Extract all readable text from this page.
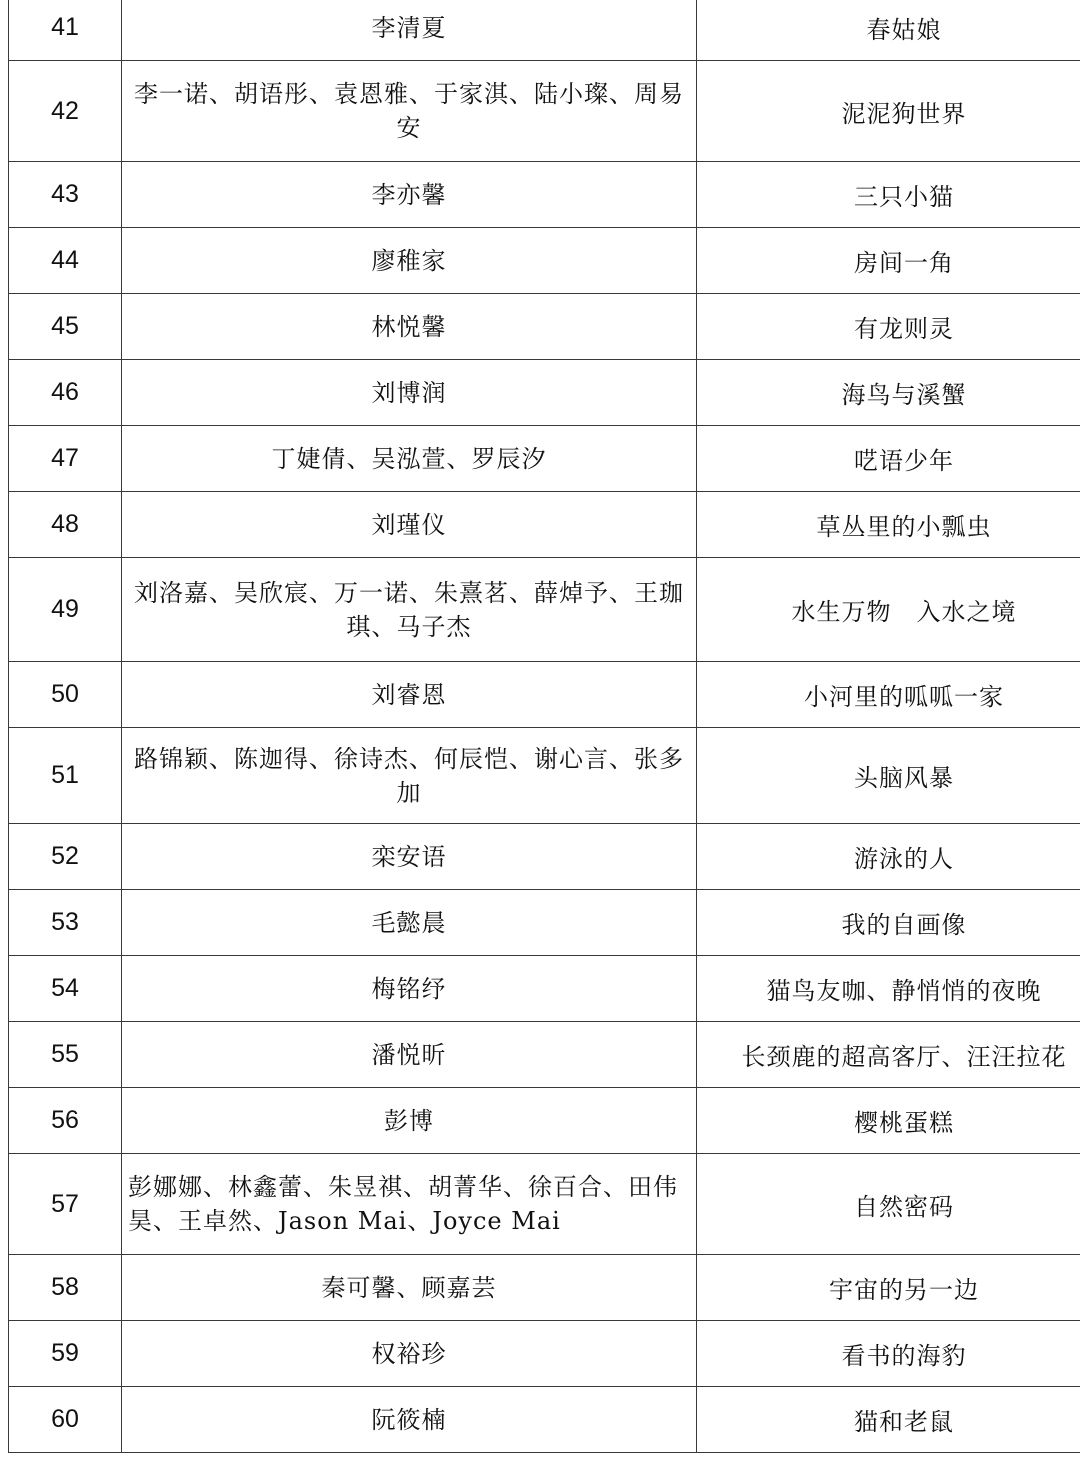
41	李清夏	春姑娘
42	李一诺、胡语彤、袁恩雅、于家淇、陆小璨、周易安	泥泥狗世界
43	李亦馨	三只小猫
44	廖稚家	房间一角
45	林悦馨	有龙则灵
46	刘博润	海鸟与溪蟹
47	丁婕倩、吴泓萱、罗辰汐	呓语少年
48	刘瑾仪	草丛里的小瓢虫
49	刘洛嘉、吴欣宸、万一诺、朱熹茗、薛焯予、王珈琪、马子杰	水生万物　入水之境
50	刘睿恩	小河里的呱呱一家
51	路锦颖、陈迦得、徐诗杰、何辰恺、谢心言、张多加	头脑风暴
52	栾安语	游泳的人
53	毛懿晨	我的自画像
54	梅铭纾	猫鸟友咖、静悄悄的夜晚
55	潘悦昕	长颈鹿的超高客厅、汪汪拉花
56	彭博	樱桃蛋糕
57	彭娜娜、林鑫蕾、朱昱祺、胡菁华、徐百合、田伟昊、王卓然、Jason Mai、Joyce Mai	自然密码
58	秦可馨、顾嘉芸	宇宙的另一边
59	权裕珍	看书的海豹
60	阮筱楠	猫和老鼠
